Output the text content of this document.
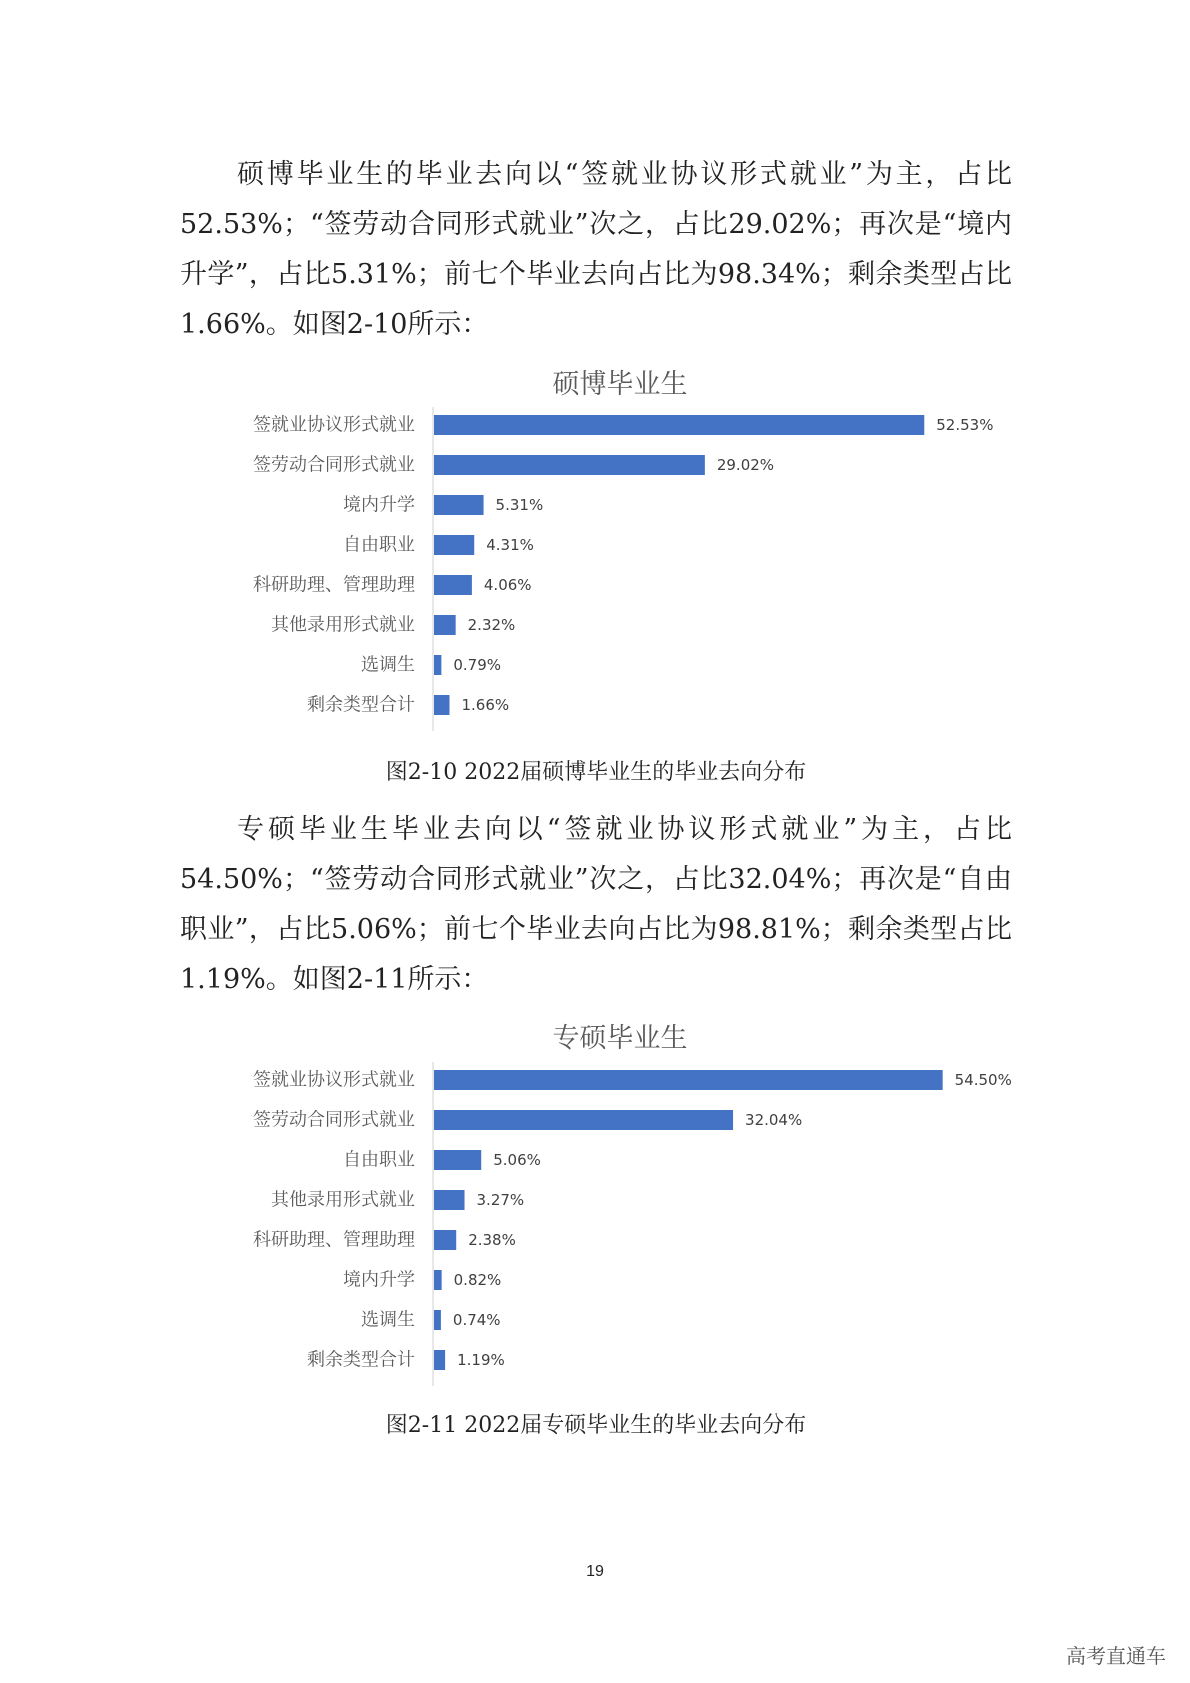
硕博毕业生的毕业去向以“签就业协议形式就业”为主，占比52.53%；“签劳动合同形式就业”次之，占比29.02%；再次是“境内升学”，占比5.31%；前七个毕业去向占比为98.34%；剩余类型占比1.66%。如图2-10所示：

硕博毕业生
签就业协议形式就业	52.53%
签劳动合同形式就业	29.02%
境内升学	5.31%
自由职业	4.31%
科研助理、管理助理	4.06%
其他录用形式就业	2.32%
选调生	0.79%
剩余类型合计	1.66%
图2-10 2022届硕博毕业生的毕业去向分布

专硕毕业生毕业去向以“签就业协议形式就业”为主，占比54.50%；“签劳动合同形式就业”次之，占比32.04%；再次是“自由职业”，占比5.06%；前七个毕业去向占比为98.81%；剩余类型占比1.19%。如图2-11所示：

专硕毕业生
签就业协议形式就业	54.50%
签劳动合同形式就业	32.04%
自由职业	5.06%
其他录用形式就业	3.27%
科研助理、管理助理	2.38%
境内升学	0.82%
选调生	0.74%
剩余类型合计	1.19%
图2-11 2022届专硕毕业生的毕业去向分布
19
高考直通车
